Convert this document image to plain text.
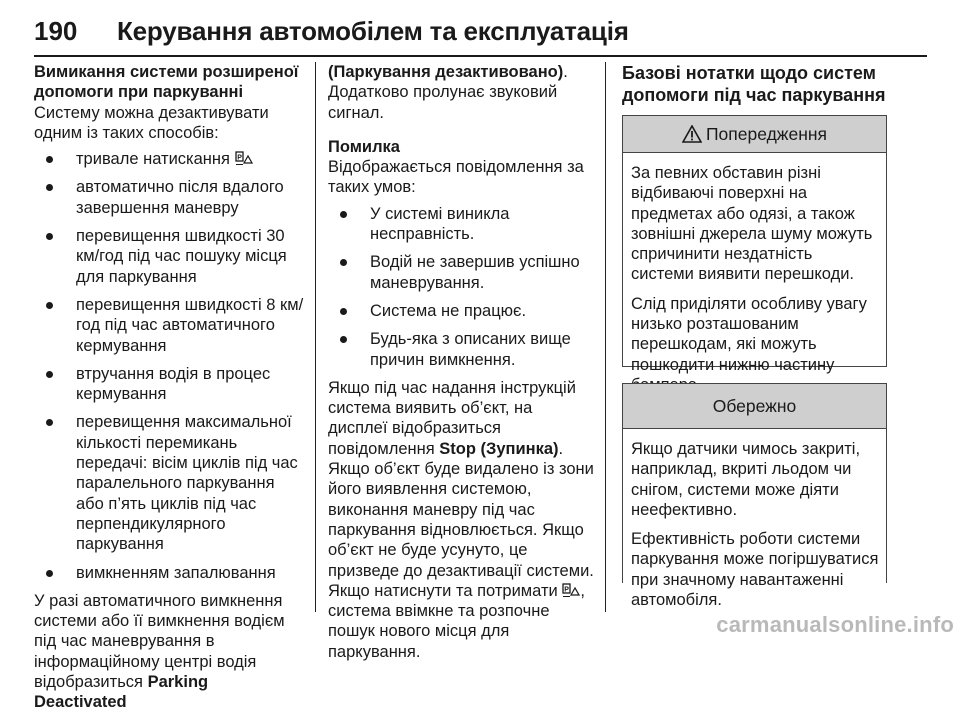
190 Керування автомобілем та експлуатація

Вимикання системи розширеної допомоги при паркуванні

Систему можна дезактивувати одним із таких способів:

тривале натискання P
автоматично після вдалого завершення маневру
перевищення швидкості 30 км/год під час пошуку місця для паркування
перевищення швидкості 8 км/год під час автоматичного кермування
втручання водія в процес кермування
перевищення максимальної кількості перемикань передачі: вісім циклів під час паралельного паркування або п’ять циклів під час перпендикулярного паркування
вимкненням запалювання

У разі автоматичного вимкнення системи або її вимкнення водієм під час маневрування в інформаційному центрі водія відобразиться Parking Deactivated

(Паркування дезактивовано). Додатково пролунає звуковий сигнал.

Помилка

Відображається повідомлення за таких умов:

У системі виникла несправність.
Водій не завершив успішно маневрування.
Система не працює.
Будь-яка з описаних вище причин вимкнення.

Якщо під час надання інструкцій система виявить об’єкт, на дисплеї відобразиться повідомлення Stop (Зупинка). Якщо об’єкт буде видалено із зони його виявлення системою, виконання маневру під час паркування відновлюється. Якщо об’єкт не буде усунуто, це призведе до дезактивації системи. Якщо натиснути та потримати P , система ввімкне та розпочне пошук нового місця для паркування.

Базові нотатки щодо систем допомоги під час паркування

Попередження

За певних обставин різні відбиваючі поверхні на предметах або одязі, а також зовнішні джерела шуму можуть спричинити нездатність системи виявити перешкоди.

Слід приділяти особливу увагу низько розташованим перешкодам, які можуть пошкодити нижню частину

Обережно

Якщо датчики чимось закриті, наприклад, вкриті льодом чи снігом, системи може діяти неефективно.

Ефективність роботи системи паркування може погіршуватися при значному навантаженні автомобіля.

carmanualsonline.info
